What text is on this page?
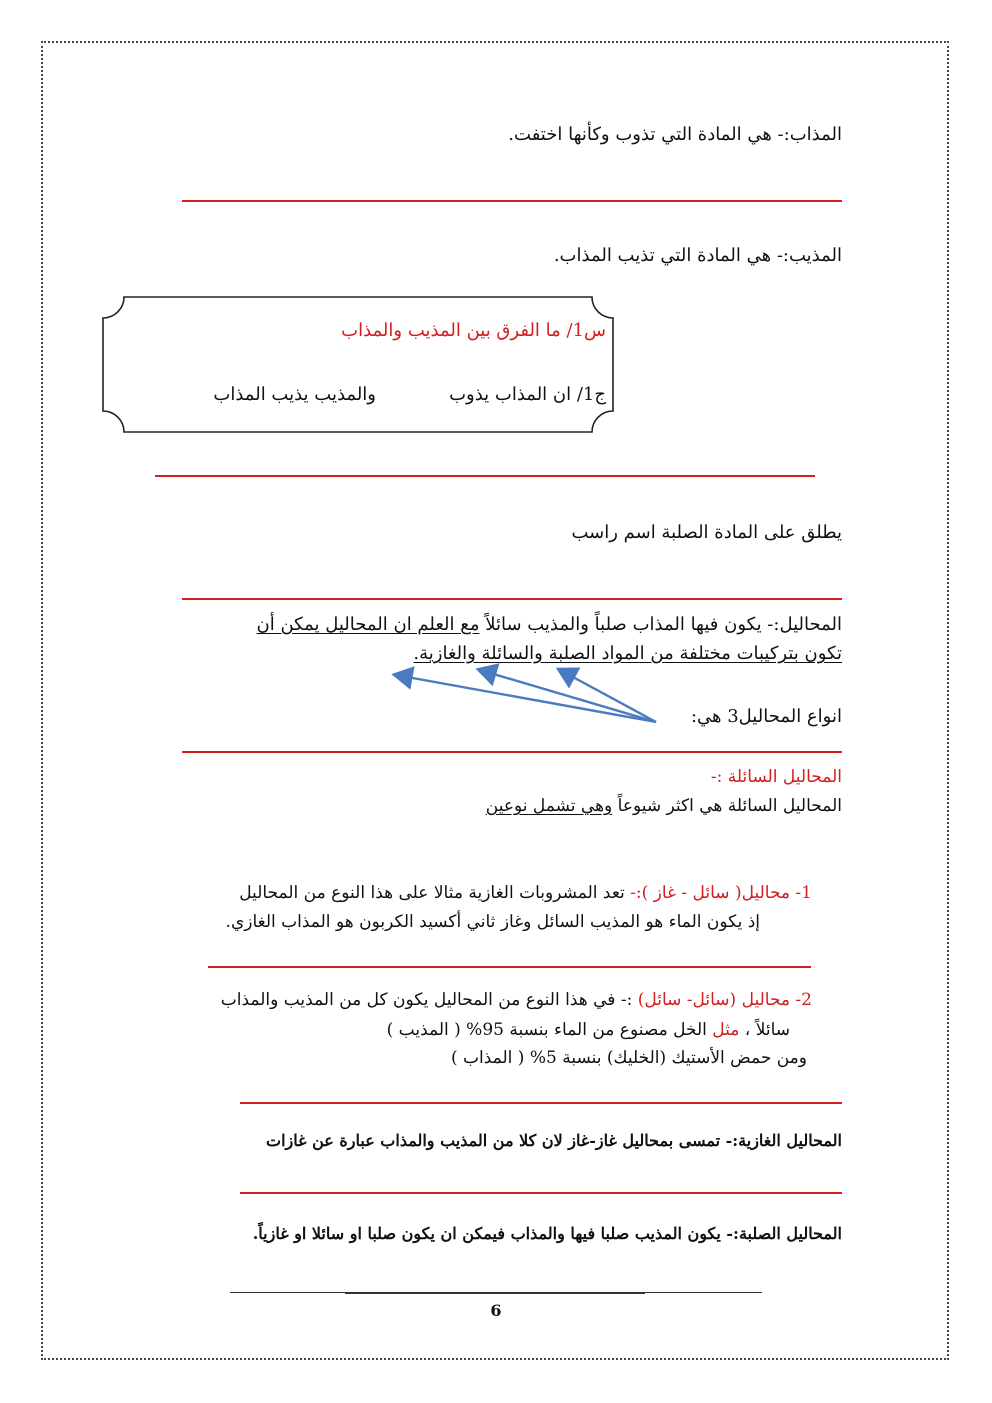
المذاب:- هي المادة التي تذوب وكأنها اختفت.
المذيب:- هي المادة التي تذيب المذاب.
س1/ ما الفرق بين المذيب والمذاب
ج1/ ان المذاب يذوب
والمذيب يذيب المذاب
يطلق على المادة الصلبة اسم راسب
المحاليل:- يكون فيها المذاب صلباً والمذيب سائلاً مع العلم ان المحاليل يمكن أن
تكون بتركيبات مختلفة من المواد الصلبة والسائلة والغازية.
انواع المحاليل3 هي:
المحاليل السائلة :-
المحاليل السائلة هي اكثر شيوعاً وهي تشمل نوعين
1- محاليل( سائل - غاز ):- تعد المشروبات الغازية مثالا على هذا النوع من المحاليل
إذ يكون الماء هو المذيب السائل وغاز ثاني أكسيد الكربون هو المذاب الغازي.
2- محاليل (سائل- سائل) :- في هذا النوع من المحاليل يكون كل من المذيب والمذاب
سائلاً ، مثل الخل مصنوع من الماء بنسبة 95% ( المذيب )
ومن حمض الأستيك (الخليك) بنسبة 5% ( المذاب )
المحاليل الغازية:- تمسى بمحاليل غاز-غاز لان كلا من المذيب والمذاب عبارة عن غازات
المحاليل الصلبة:- يكون المذيب صلبا فيها والمذاب فيمكن ان يكون صلبا او سائلا او غازياً.
6
